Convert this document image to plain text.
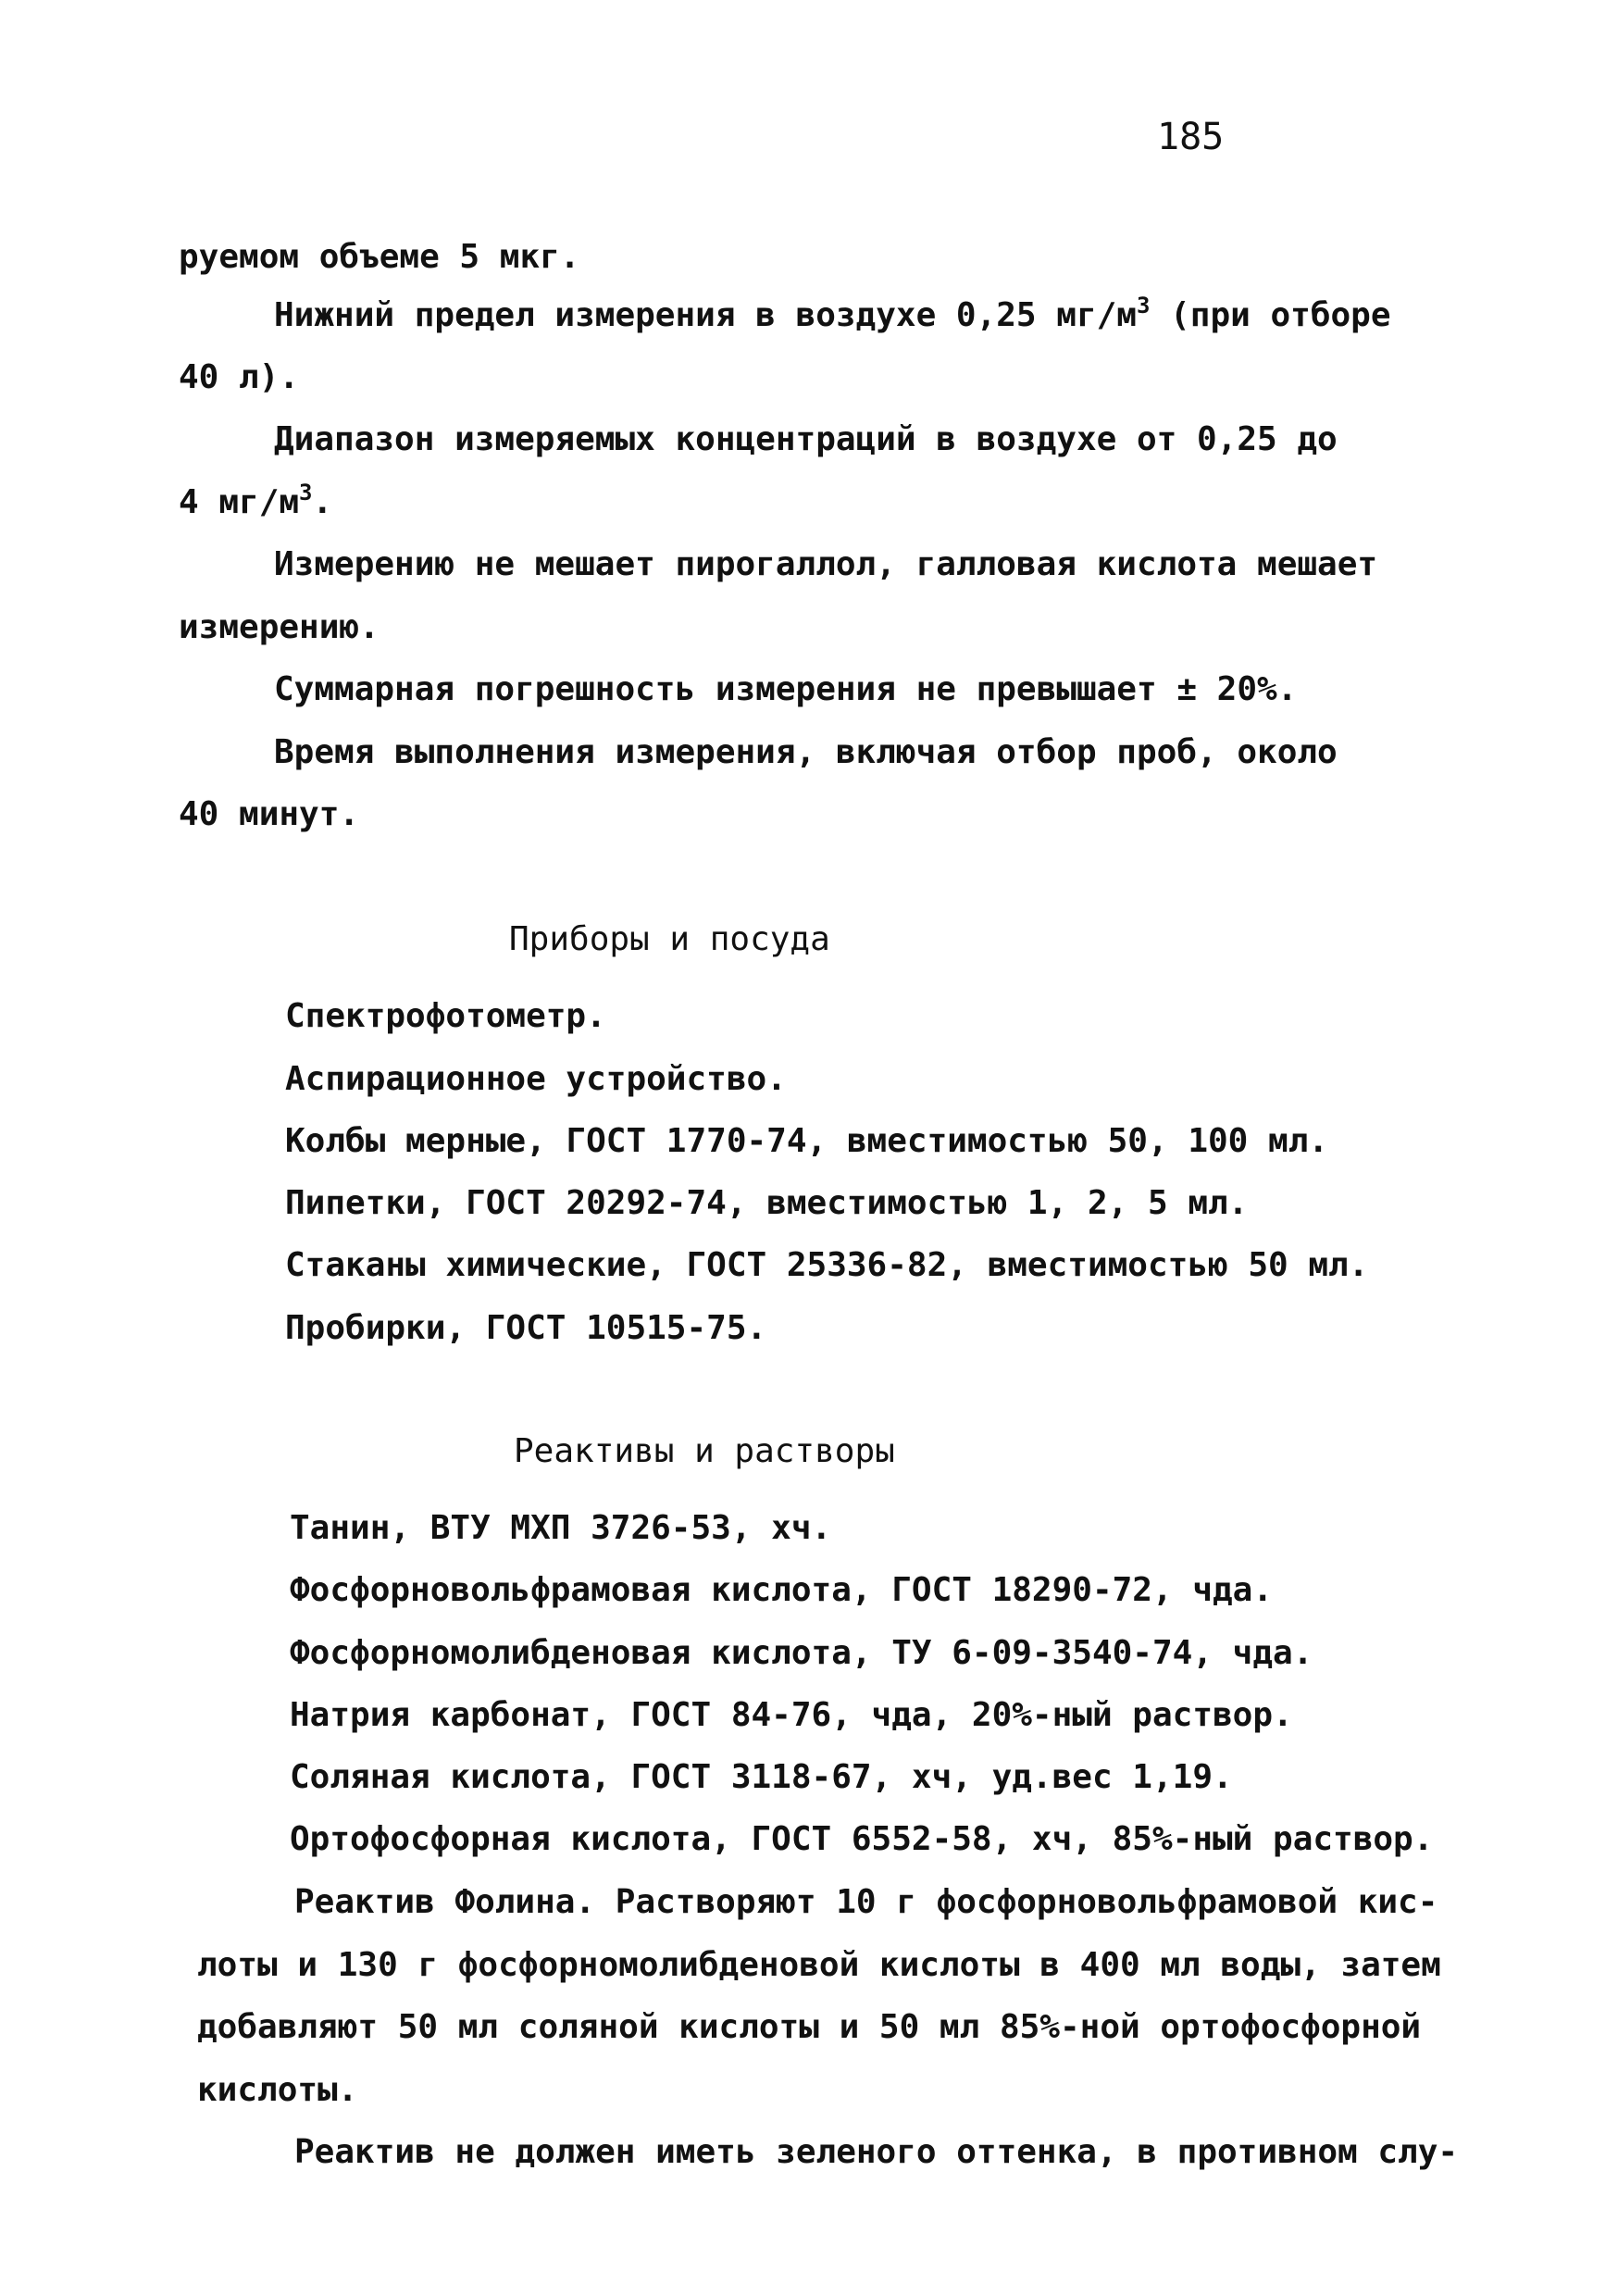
185
руемом объеме 5 мкг.
Нижний предел измерения в воздухе 0,25 $мг/м^3$ (при отборе
40 л).
Диапазон измеряемых концентраций в воздухе от 0,25 до
4 $мг/м^3$.
Измерению не мешает пирогаллол, галловая кислота мешает
измерению.
Суммарная погрешность измерения не превышает ± 20%.
Время выполнения измерения, включая отбор проб, около
40 минут.
Приборы и посуда
Спектрофотометр.
Аспирационное устройство.
Колбы мерные, ГОСТ 1770-74, вместимостью 50, 100 мл.
Пипетки, ГОСТ 20292-74, вместимостью 1, 2, 5 мл.
Стаканы химические, ГОСТ 25336-82, вместимостью 50 мл.
Пробирки, ГОСТ 10515-75.
Реактивы и растворы
Танин, ВТУ МХП 3726-53, хч.
Фосфорновольфрамовая кислота, ГОСТ 18290-72, чда.
Фосфорномолибденовая кислота, ТУ 6-09-3540-74, чда.
Натрия карбонат, ГОСТ 84-76, чда, 20%-ный раствор.
Соляная кислота, ГОСТ 3118-67, хч, уд.вес 1,19.
Ортофосфорная кислота, ГОСТ 6552-58, хч, 85%-ный раствор.
Реактив Фолина. Растворяют 10 г фосфорновольфрамовой кис-
лоты и 130 г фосфорномолибденовой кислоты в 400 мл воды, затем
добавляют 50 мл соляной кислоты и 50 мл 85%-ной ортофосфорной
кислоты.
Реактив не должен иметь зеленого оттенка, в противном слу-
